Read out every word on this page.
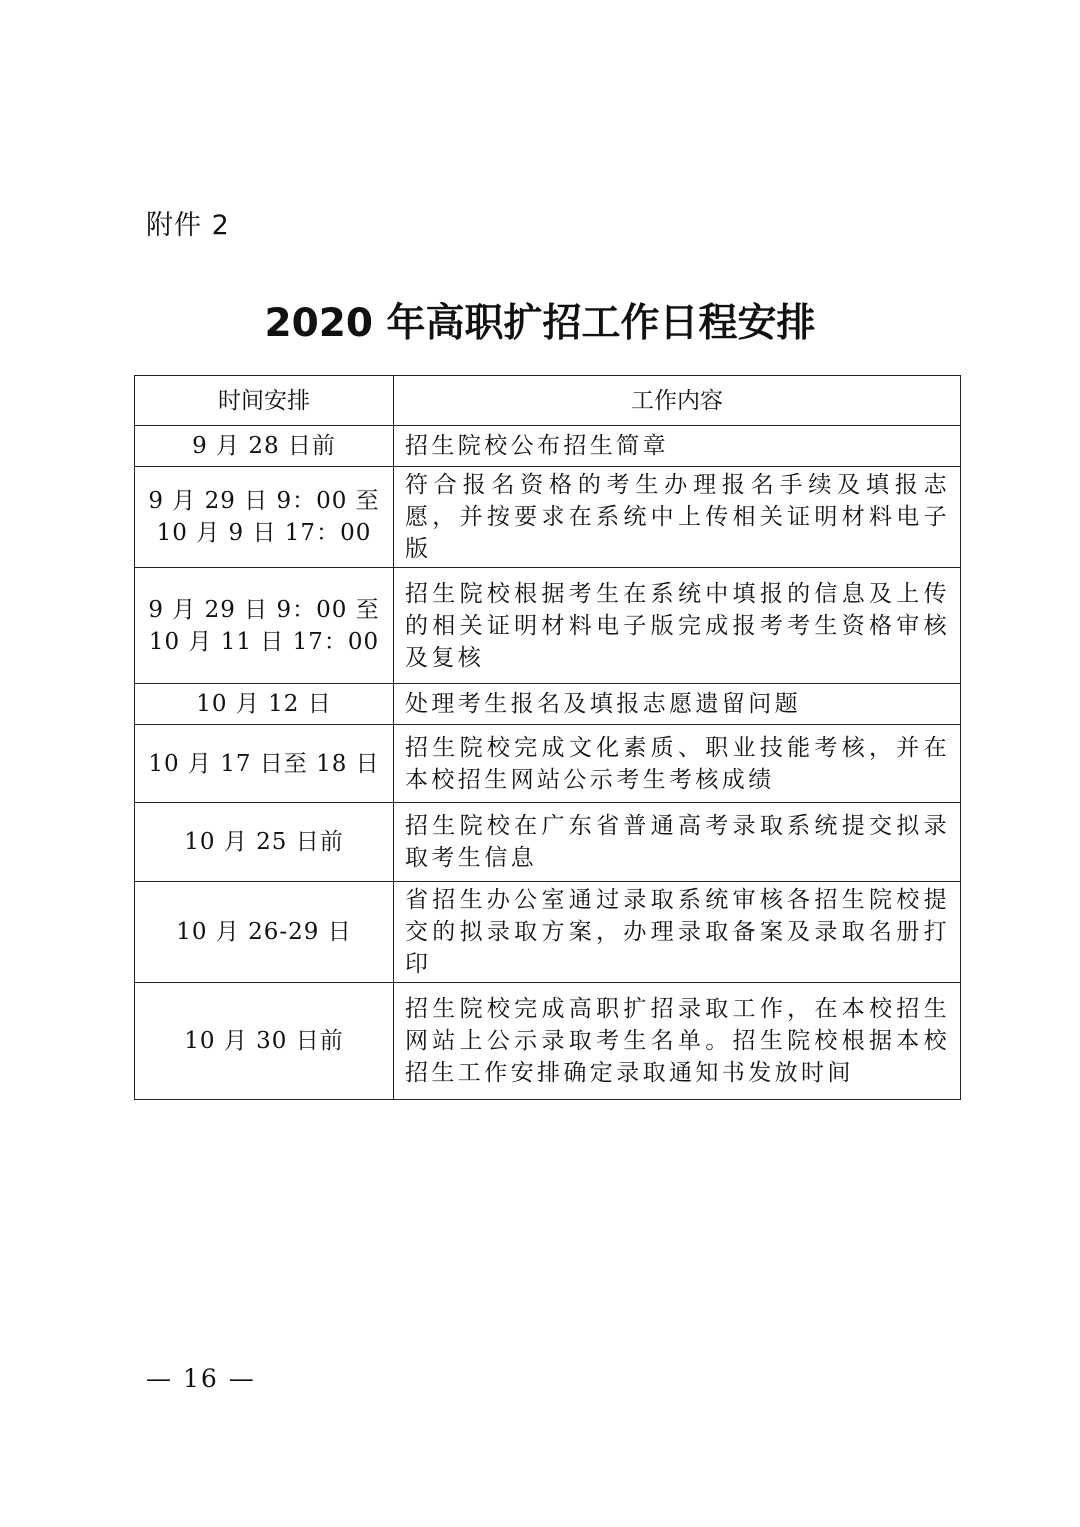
附件 2
2020 年高职扩招工作日程安排
时间安排	工作内容
9 月 28 日前	招生院校公布招生简章
9 月 29 日 9：00 至
10 月 9 日 17：00	符合报名资格的考生办理报名手续及填报志愿，并按要求在系统中上传相关证明材料电子版
9 月 29 日 9：00 至
10 月 11 日 17：00	招生院校根据考生在系统中填报的信息及上传的相关证明材料电子版完成报考考生资格审核及复核
10 月 12 日	处理考生报名及填报志愿遗留问题
10 月 17 日至 18 日	招生院校完成文化素质、职业技能考核，并在本校招生网站公示考生考核成绩
10 月 25 日前	招生院校在广东省普通高考录取系统提交拟录取考生信息
10 月 26-29 日	省招生办公室通过录取系统审核各招生院校提交的拟录取方案，办理录取备案及录取名册打印
10 月 30 日前	招生院校完成高职扩招录取工作，在本校招生网站上公示录取考生名单。招生院校根据本校招生工作安排确定录取通知书发放时间
— 16 —
